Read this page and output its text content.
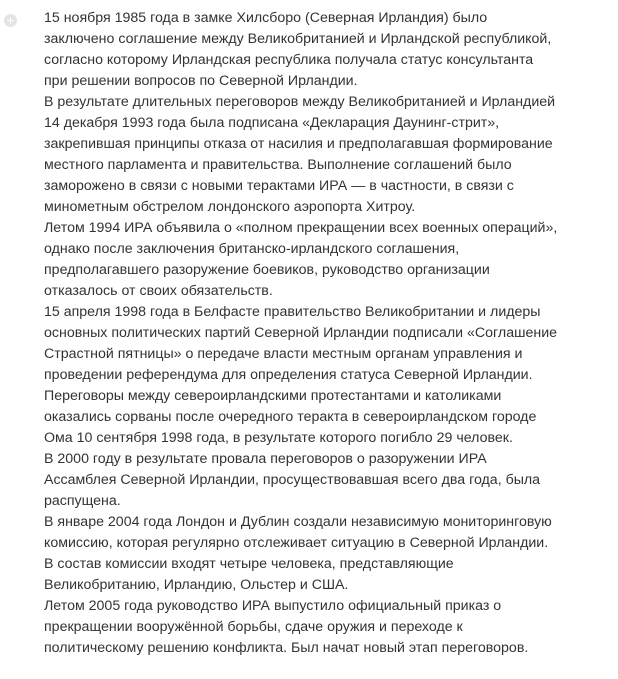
15 ноября 1985 года в замке Хилсборо (Северная Ирландия) было
заключено соглашение между Великобританией и Ирландской республикой,
согласно которому Ирландская республика получала статус консультанта
при решении вопросов по Северной Ирландии.

В результате длительных переговоров между Великобританией и Ирландией
14 декабря 1993 года была подписана «Декларация Даунинг-стрит»,
закрепившая принципы отказа от насилия и предполагавшая формирование
местного парламента и правительства. Выполнение соглашений было
заморожено в связи с новыми терактами ИРА — в частности, в связи с
минометным обстрелом лондонского аэропорта Хитроу.

Летом 1994 ИРА объявила о «полном прекращении всех военных операций»,
однако после заключения британско-ирландского соглашения,
предполагавшего разоружение боевиков, руководство организации
отказалось от своих обязательств.

15 апреля 1998 года в Белфасте правительство Великобритании и лидеры
основных политических партий Северной Ирландии подписали «Соглашение
Страстной пятницы» о передаче власти местным органам управления и
проведении референдума для определения статуса Северной Ирландии.

Переговоры между североирландскими протестантами и католиками
оказались сорваны после очередного теракта в североирландском городе
Ома 10 сентября 1998 года, в результате которого погибло 29 человек.

В 2000 году в результате провала переговоров о разоружении ИРА
Ассамблея Северной Ирландии, просуществовавшая всего два года, была
распущена.

В январе 2004 года Лондон и Дублин создали независимую мониторинговую
комиссию, которая регулярно отслеживает ситуацию в Северной Ирландии.

В состав комиссии входят четыре человека, представляющие
Великобританию, Ирландию, Ольстер и США.

Летом 2005 года руководство ИРА выпустило официальный приказ о
прекращении вооружённой борьбы, сдаче оружия и переходе к
политическому решению конфликта. Был начат новый этап переговоров.
